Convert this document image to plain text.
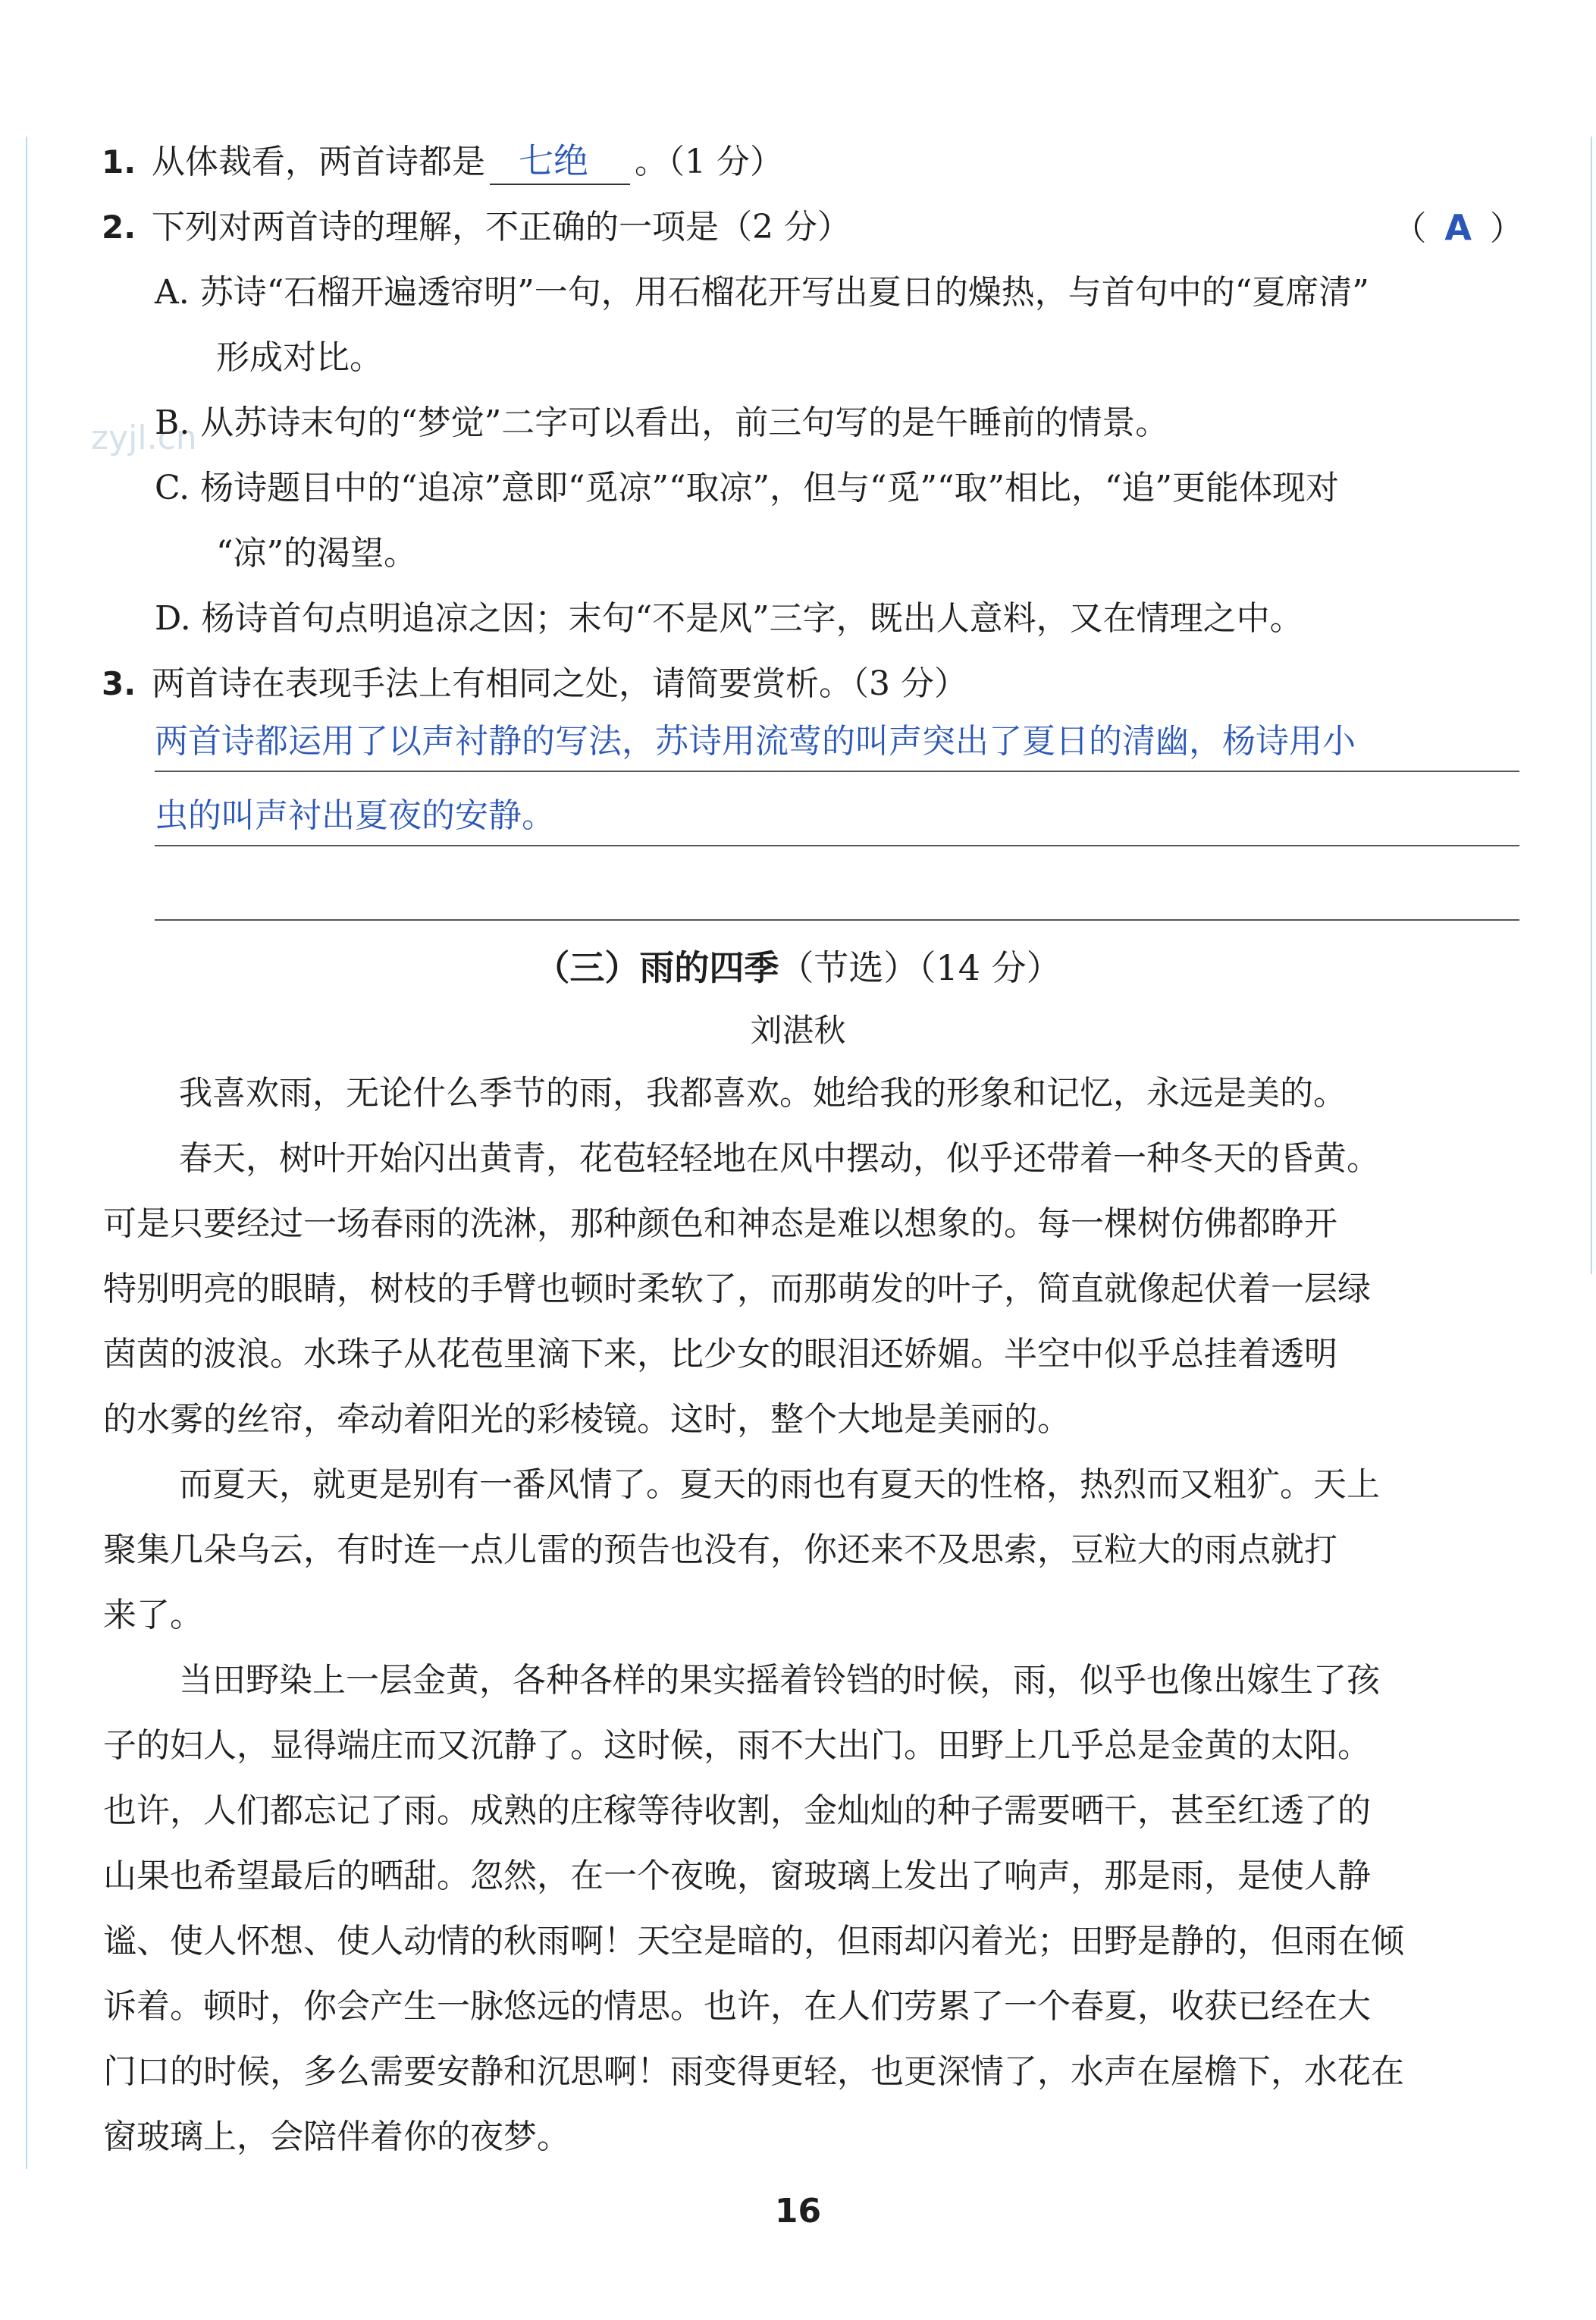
zyjl.cn
1. 从体裁看，两首诗都是 七绝 。（1 分）
2. 下列对两首诗的理解，不正确的一项是（2 分）	（ A ）
A. 苏诗“石榴开遍透帘明”一句，用石榴花开写出夏日的燥热，与首句中的“夏席清”
形成对比。
B. 从苏诗末句的“梦觉”二字可以看出，前三句写的是午睡前的情景。
C. 杨诗题目中的“追凉”意即“觅凉”“取凉”，但与“觅”“取”相比，“追”更能体现对
“凉”的渴望。
D. 杨诗首句点明追凉之因；末句“不是风”三字，既出人意料，又在情理之中。
3. 两首诗在表现手法上有相同之处，请简要赏析。（3 分）
两首诗都运用了以声衬静的写法，苏诗用流莺的叫声突出了夏日的清幽，杨诗用小
虫的叫声衬出夏夜的安静。
（三）雨的四季（节选）（14 分）
刘湛秋
我喜欢雨，无论什么季节的雨，我都喜欢。她给我的形象和记忆，永远是美的。
春天，树叶开始闪出黄青，花苞轻轻地在风中摆动，似乎还带着一种冬天的昏黄。
可是只要经过一场春雨的洗淋，那种颜色和神态是难以想象的。每一棵树仿佛都睁开
特别明亮的眼睛，树枝的手臂也顿时柔软了，而那萌发的叶子，简直就像起伏着一层绿
茵茵的波浪。水珠子从花苞里滴下来，比少女的眼泪还娇媚。半空中似乎总挂着透明
的水雾的丝帘，牵动着阳光的彩棱镜。这时，整个大地是美丽的。
而夏天，就更是别有一番风情了。夏天的雨也有夏天的性格，热烈而又粗犷。天上
聚集几朵乌云，有时连一点儿雷的预告也没有，你还来不及思索，豆粒大的雨点就打
来了。
当田野染上一层金黄，各种各样的果实摇着铃铛的时候，雨，似乎也像出嫁生了孩
子的妇人，显得端庄而又沉静了。这时候，雨不大出门。田野上几乎总是金黄的太阳。
也许，人们都忘记了雨。成熟的庄稼等待收割，金灿灿的种子需要晒干，甚至红透了的
山果也希望最后的晒甜。忽然，在一个夜晚，窗玻璃上发出了响声，那是雨，是使人静
谧、使人怀想、使人动情的秋雨啊！天空是暗的，但雨却闪着光；田野是静的，但雨在倾
诉着。顿时，你会产生一脉悠远的情思。也许，在人们劳累了一个春夏，收获已经在大
门口的时候，多么需要安静和沉思啊！雨变得更轻，也更深情了，水声在屋檐下，水花在
窗玻璃上，会陪伴着你的夜梦。
16
